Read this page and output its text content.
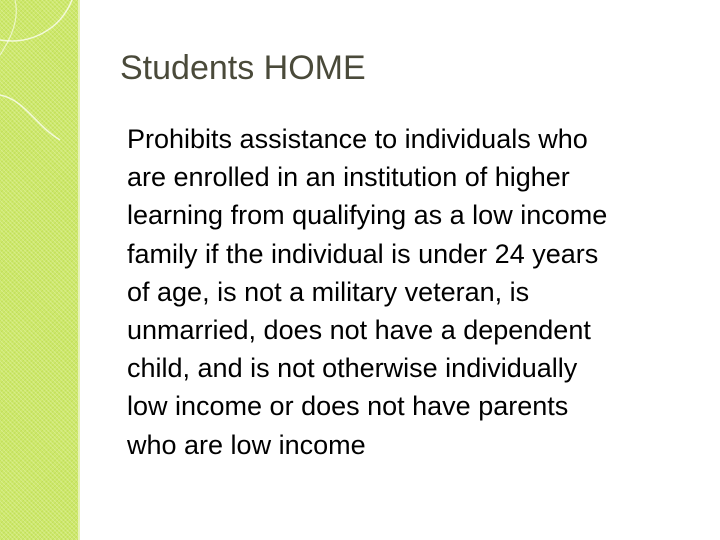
Students HOME

Prohibits assistance to individuals who
are enrolled in an institution of higher
learning from qualifying as a low income
family if the individual is under 24 years
of age, is not a military veteran, is
unmarried, does not have a dependent
child, and is not otherwise individually
low income or does not have parents
who are low income
